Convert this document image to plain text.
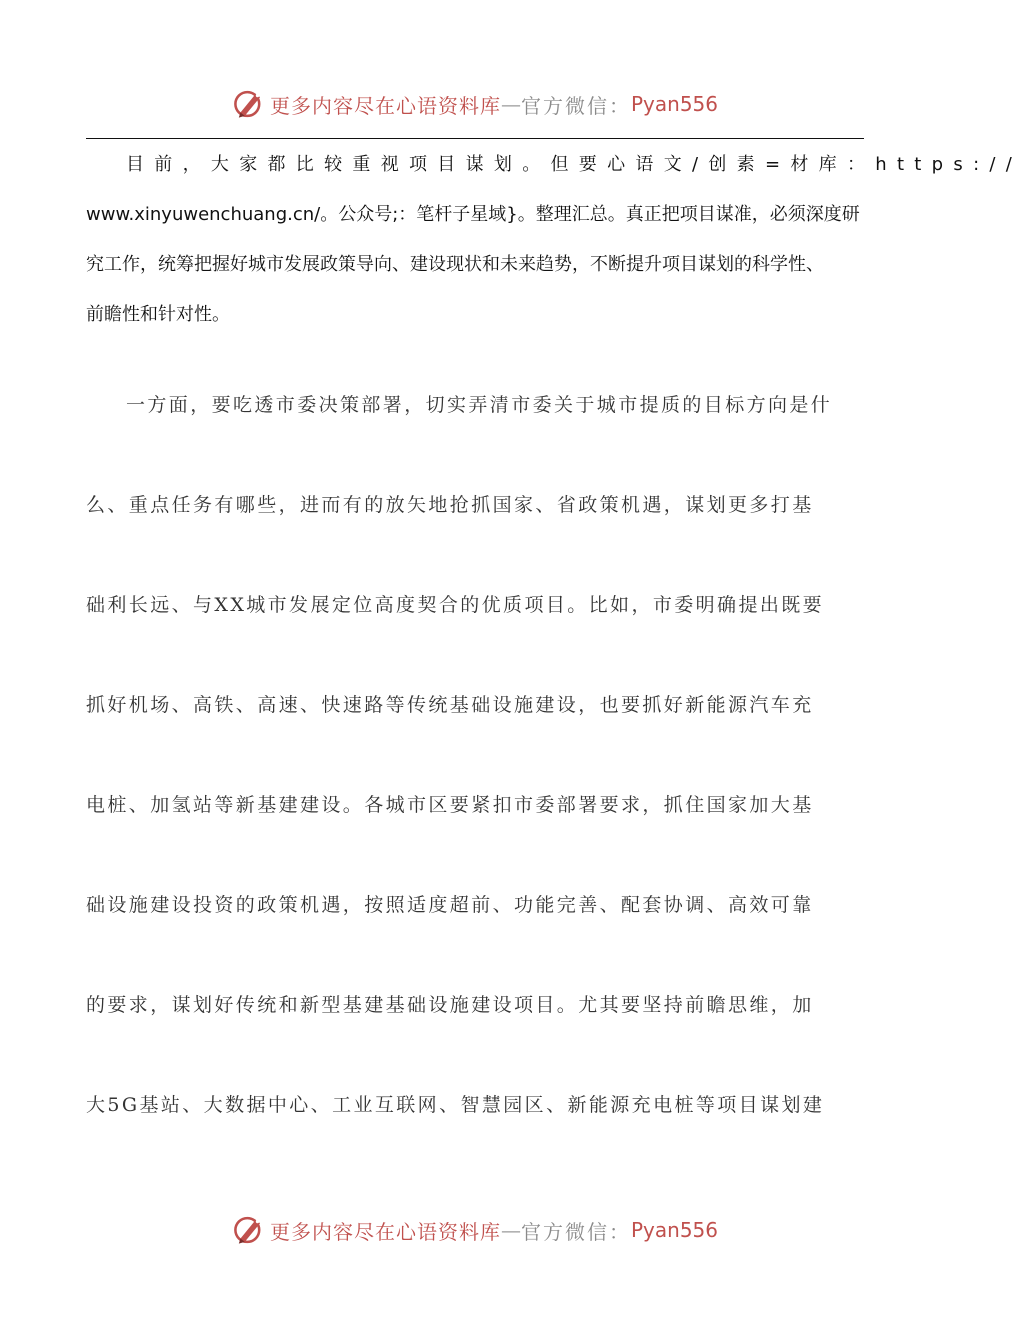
更多内容尽在心语资料库 — 官方微信： Pyan556
目前，大家都比较重视项目谋划。但要心语文/创素=材库：https://
www.xinyuwenchuang.cn/。公众号;：笔杆子星域}。整理汇总。真正把项目谋准，必须深度研
究工作，统筹把握好城市发展政策导向、建设现状和未来趋势，不断提升项目谋划的科学性、
前瞻性和针对性。
一方面，要吃透市委决策部署，切实弄清市委关于城市提质的目标方向是什
么、重点任务有哪些，进而有的放矢地抢抓国家、省政策机遇，谋划更多打基
础利长远、与XX城市发展定位高度契合的优质项目。比如，市委明确提出既要
抓好机场、高铁、高速、快速路等传统基础设施建设，也要抓好新能源汽车充
电桩、加氢站等新基建建设。各城市区要紧扣市委部署要求，抓住国家加大基
础设施建设投资的政策机遇，按照适度超前、功能完善、配套协调、高效可靠
的要求，谋划好传统和新型基建基础设施建设项目。尤其要坚持前瞻思维，加
大5G基站、大数据中心、工业互联网、智慧园区、新能源充电桩等项目谋划建
更多内容尽在心语资料库 — 官方微信： Pyan556
